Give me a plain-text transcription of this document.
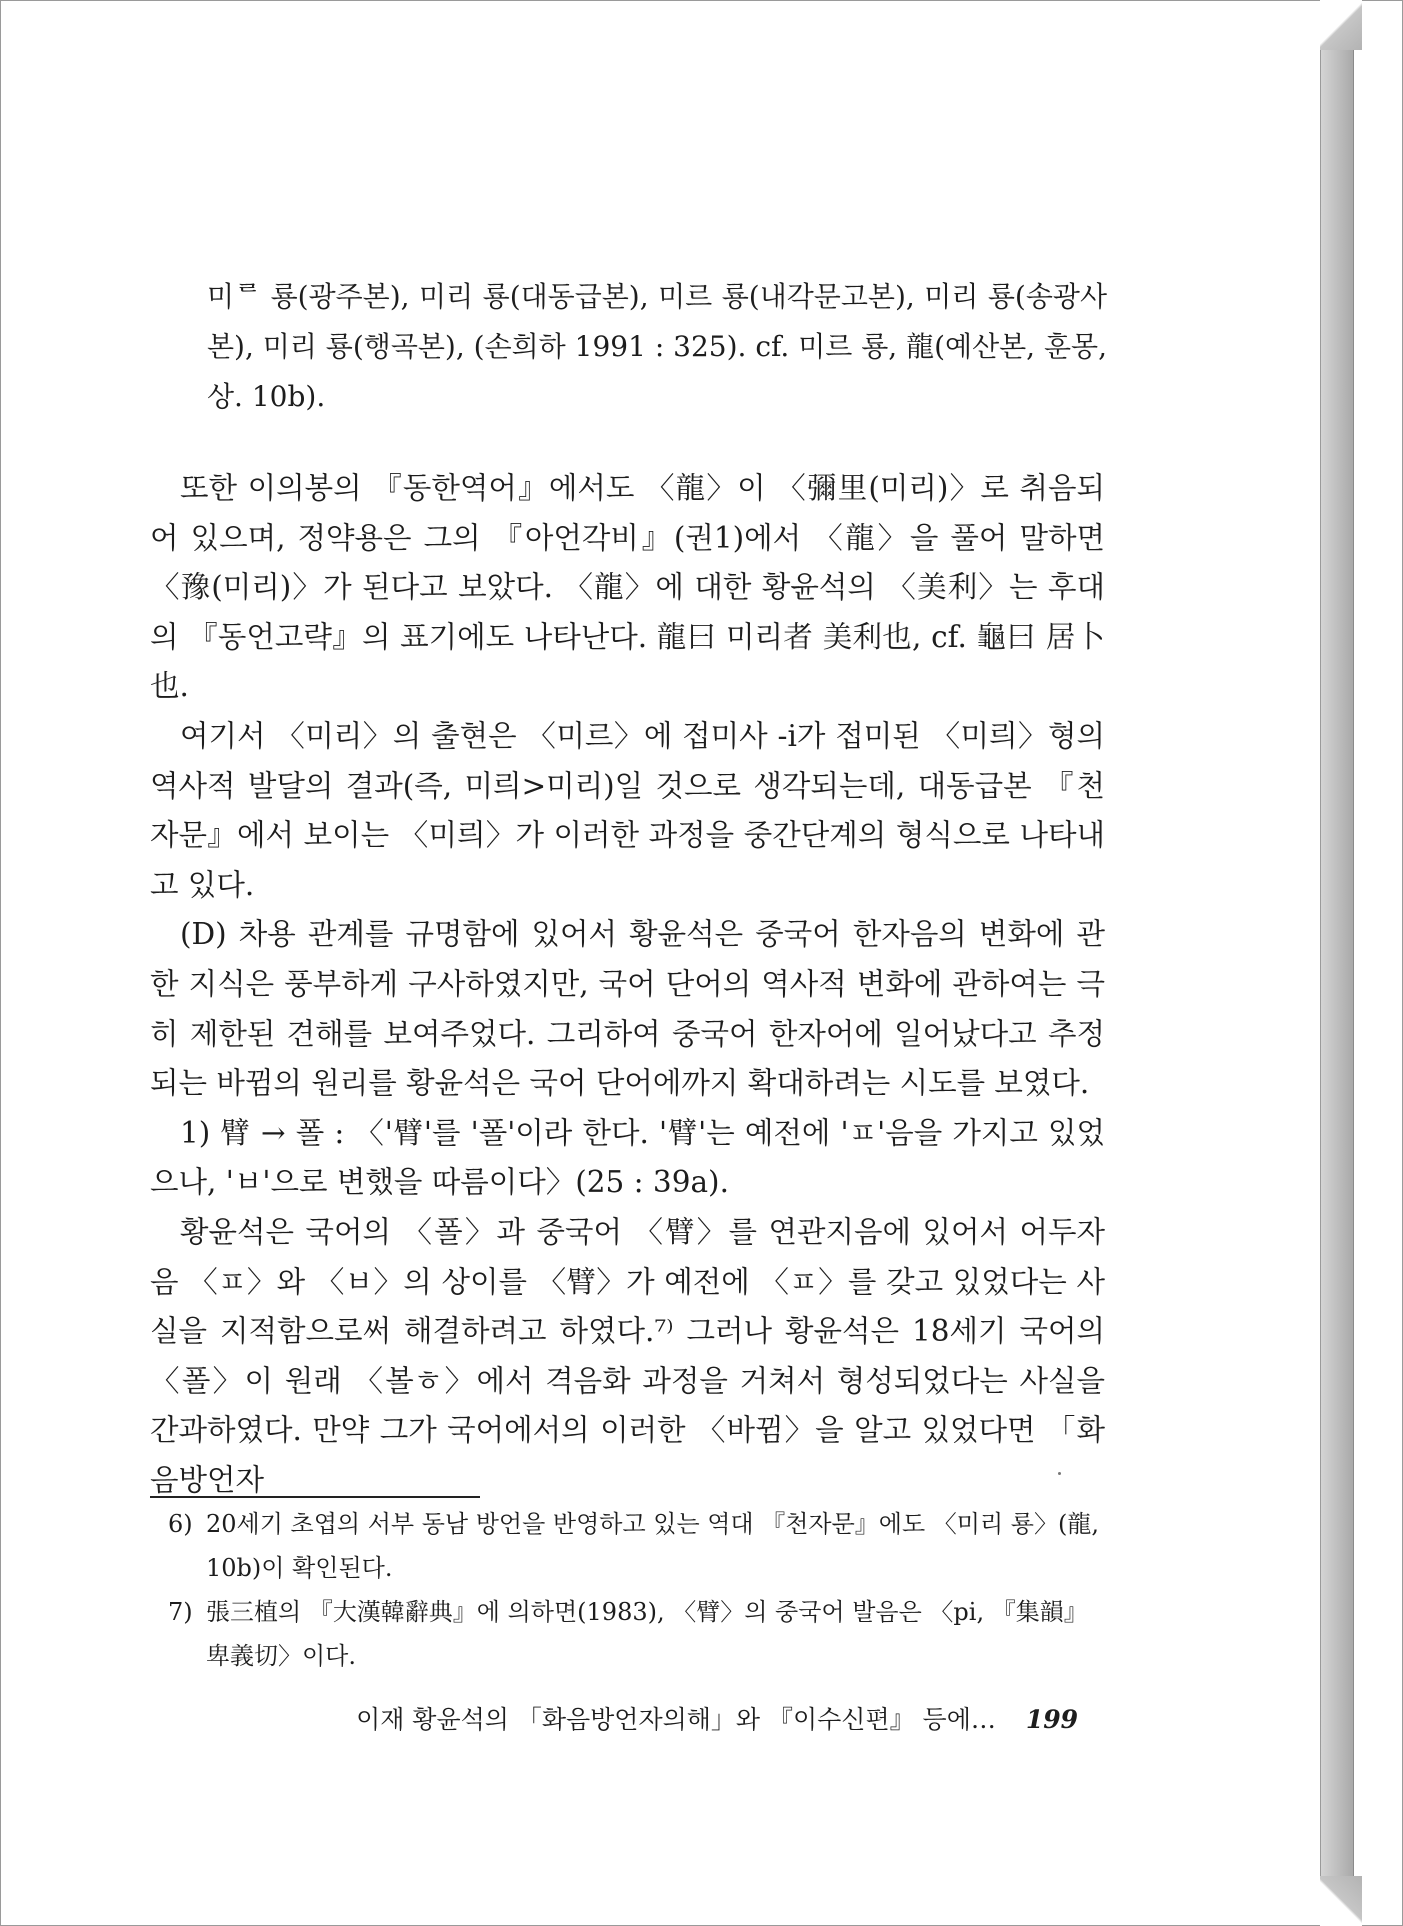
미ᄅ 룡(광주본), 미리 룡(대동급본), 미르 룡(내각문고본), 미리 룡(송광사본), 미리 룡(행곡본), (손희하 1991 : 325). cf. 미르 룡, 龍(예산본, 훈몽, 상. 10b).

또한 이의봉의 『동한역어』에서도 〈龍〉이 〈彌里(미리)〉로 취음되어 있으며, 정약용은 그의 『아언각비』(권1)에서 〈龍〉을 풀어 말하면 〈豫(미리)〉가 된다고 보았다. 〈龍〉에 대한 황윤석의 〈美利〉는 후대의 『동언고략』의 표기에도 나타난다. 龍曰 미리者 美利也, cf. 龜曰 居卜也.

여기서 〈미리〉의 출현은 〈미르〉에 접미사 -i가 접미된 〈미릐〉형의 역사적 발달의 결과(즉, 미릐>미리)일 것으로 생각되는데, 대동급본 『천자문』에서 보이는 〈미릐〉가 이러한 과정을 중간단계의 형식으로 나타내고 있다.

(D) 차용 관계를 규명함에 있어서 황윤석은 중국어 한자음의 변화에 관한 지식은 풍부하게 구사하였지만, 국어 단어의 역사적 변화에 관하여는 극히 제한된 견해를 보여주었다. 그리하여 중국어 한자어에 일어났다고 추정되는 바뀜의 원리를 황윤석은 국어 단어에까지 확대하려는 시도를 보였다.

1) 臂 → 폴 : 〈'臂'를 '폴'이라 한다. '臂'는 예전에 'ㅍ'음을 가지고 있었으나, 'ㅂ'으로 변했을 따름이다〉(25 : 39a).

황윤석은 국어의 〈폴〉과 중국어 〈臂〉를 연관지음에 있어서 어두자음 〈ㅍ〉와 〈ㅂ〉의 상이를 〈臂〉가 예전에 〈ㅍ〉를 갖고 있었다는 사실을 지적함으로써 해결하려고 하였다.⁷⁾ 그러나 황윤석은 18세기 국어의 〈폴〉이 원래 〈볼ㅎ〉에서 격음화 과정을 거쳐서 형성되었다는 사실을 간과하였다. 만약 그가 국어에서의 이러한 〈바뀜〉을 알고 있었다면 「화음방언자

6) 20세기 초엽의 서부 동남 방언을 반영하고 있는 역대 『천자문』에도 〈미리 룡〉(龍, 10b)이 확인된다.
7) 張三植의 『大漢韓辭典』에 의하면(1983), 〈臂〉의 중국어 발음은 〈pi, 『集韻』 卑義切〉이다.
이재 황윤석의 「화음방언자의해」와 『이수신편』 등에… 199
